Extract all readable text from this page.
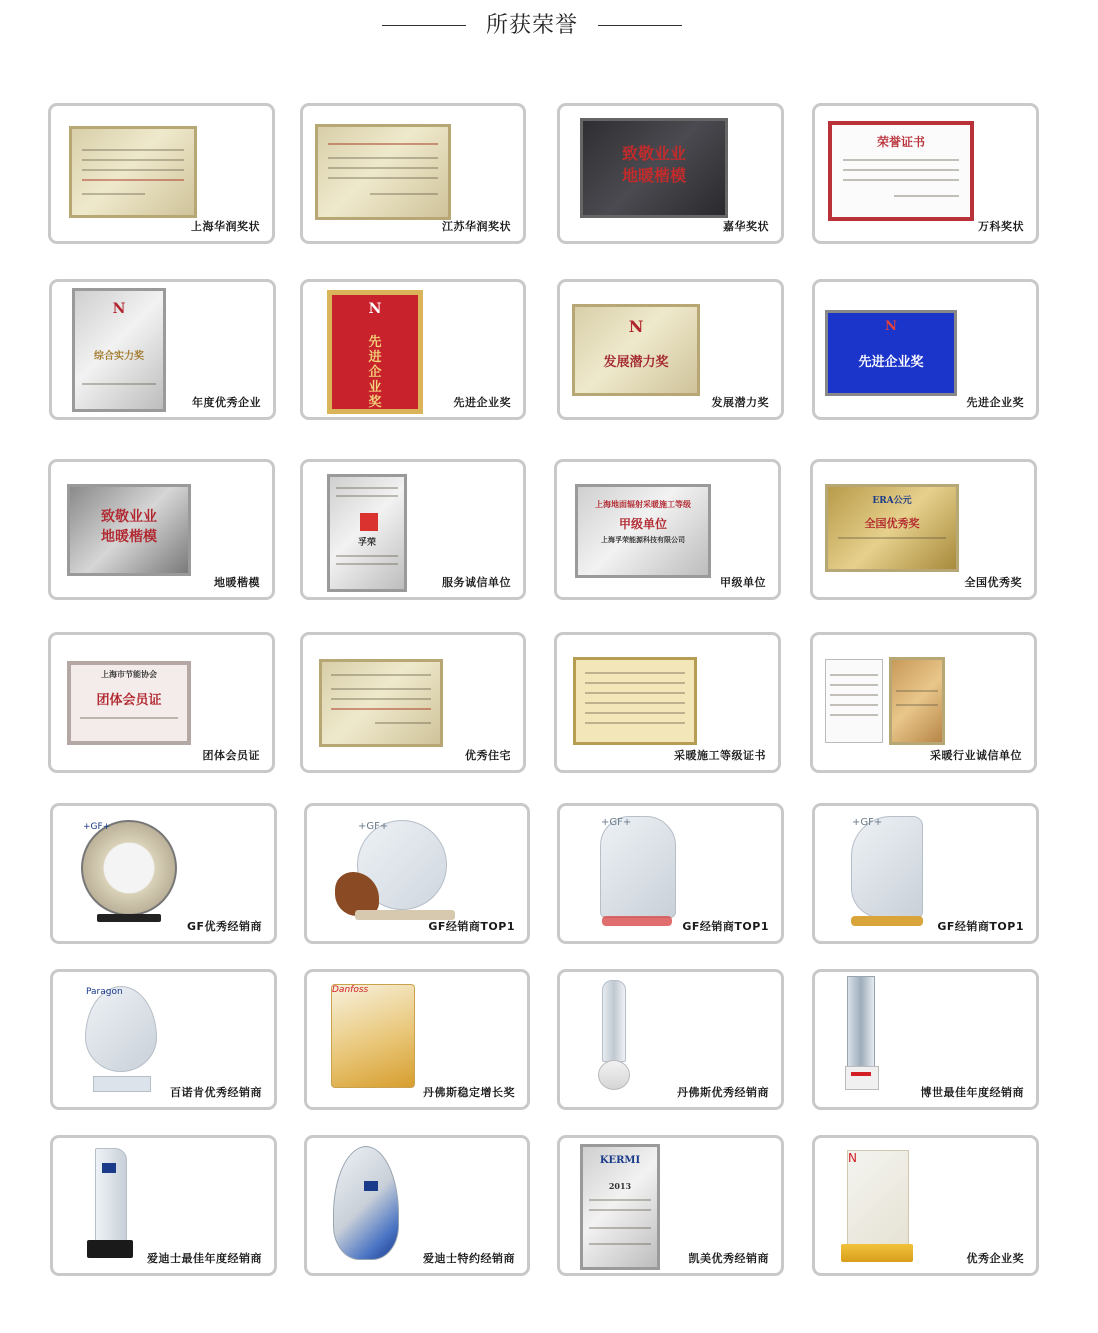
所获荣誉
上海华润奖状	江苏华润奖状
致敬业业
地暖楷模
嘉华奖状
荣誉证书
万科奖状
N
综合实力奖
年度优秀企业
N
先进企业奖	先进企业奖
N
发展潜力奖
发展潜力奖
N
先进企业奖
先进企业奖
致敬业业
地暖楷模
地暖楷模
孚荣
服务诚信单位
上海地面辐射采暖施工等级
甲级单位
上海孚荣能源科技有限公司
甲级单位
ERA公元
全国优秀奖
全国优秀奖
上海市节能协会
团体会员证
团体会员证	优秀住宅	采暖施工等级证书	采暖行业诚信单位
+GF+
GF优秀经销商
+GF+
GF经销商TOP1
+GF+
GF经销商TOP1
+GF+
GF经销商TOP1
Paragon
百诺肯优秀经销商
Danfoss
丹佛斯稳定增长奖	丹佛斯优秀经销商	博世最佳年度经销商
爱迪士最佳年度经销商	爱迪士特约经销商
KERMI
2013
凯美优秀经销商
N
优秀企业奖
